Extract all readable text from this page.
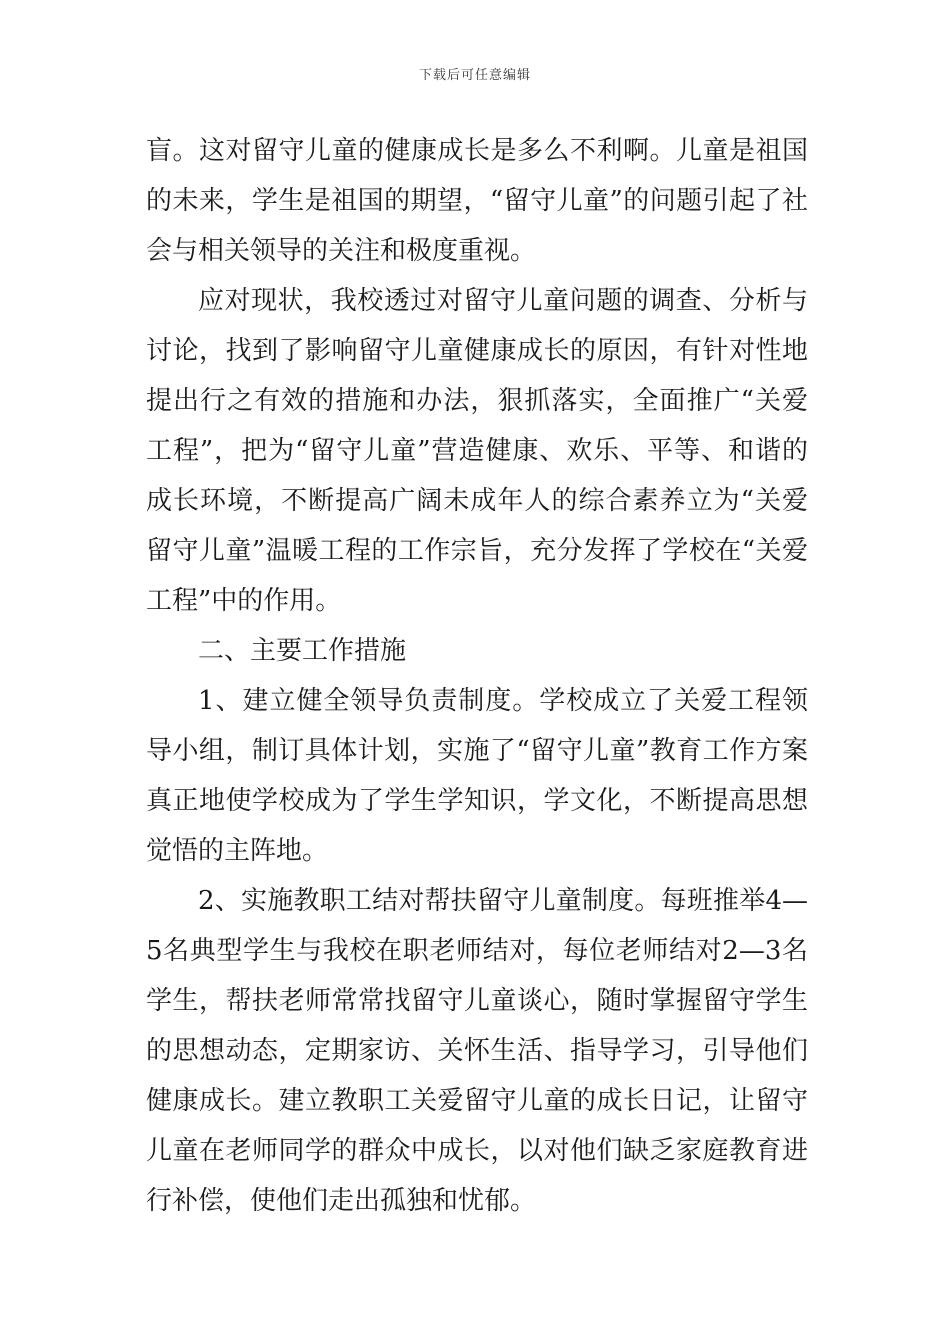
下载后可任意编辑

盲。这对留守儿童的健康成长是多么不利啊。儿童是祖国的未来，学生是祖国的期望，“留守儿童”的问题引起了社会与相关领导的关注和极度重视。

应对现状，我校透过对留守儿童问题的调查、分析与讨论，找到了影响留守儿童健康成长的原因，有针对性地提出行之有效的措施和办法，狠抓落实，全面推广“关爱工程”，把为“留守儿童”营造健康、欢乐、平等、和谐的成长环境，不断提高广阔未成年人的综合素养立为“关爱留守儿童”温暖工程的工作宗旨，充分发挥了学校在“关爱工程”中的作用。

二、主要工作措施

1、建立健全领导负责制度。学校成立了关爱工程领导小组，制订具体计划，实施了“留守儿童”教育工作方案真正地使学校成为了学生学知识，学文化，不断提高思想觉悟的主阵地。

2、实施教职工结对帮扶留守儿童制度。每班推举4—5名典型学生与我校在职老师结对，每位老师结对2—3名学生，帮扶老师常常找留守儿童谈心，随时掌握留守学生的思想动态，定期家访、关怀生活、指导学习，引导他们健康成长。建立教职工关爱留守儿童的成长日记，让留守儿童在老师同学的群众中成长，以对他们缺乏家庭教育进行补偿，使他们走出孤独和忧郁。
